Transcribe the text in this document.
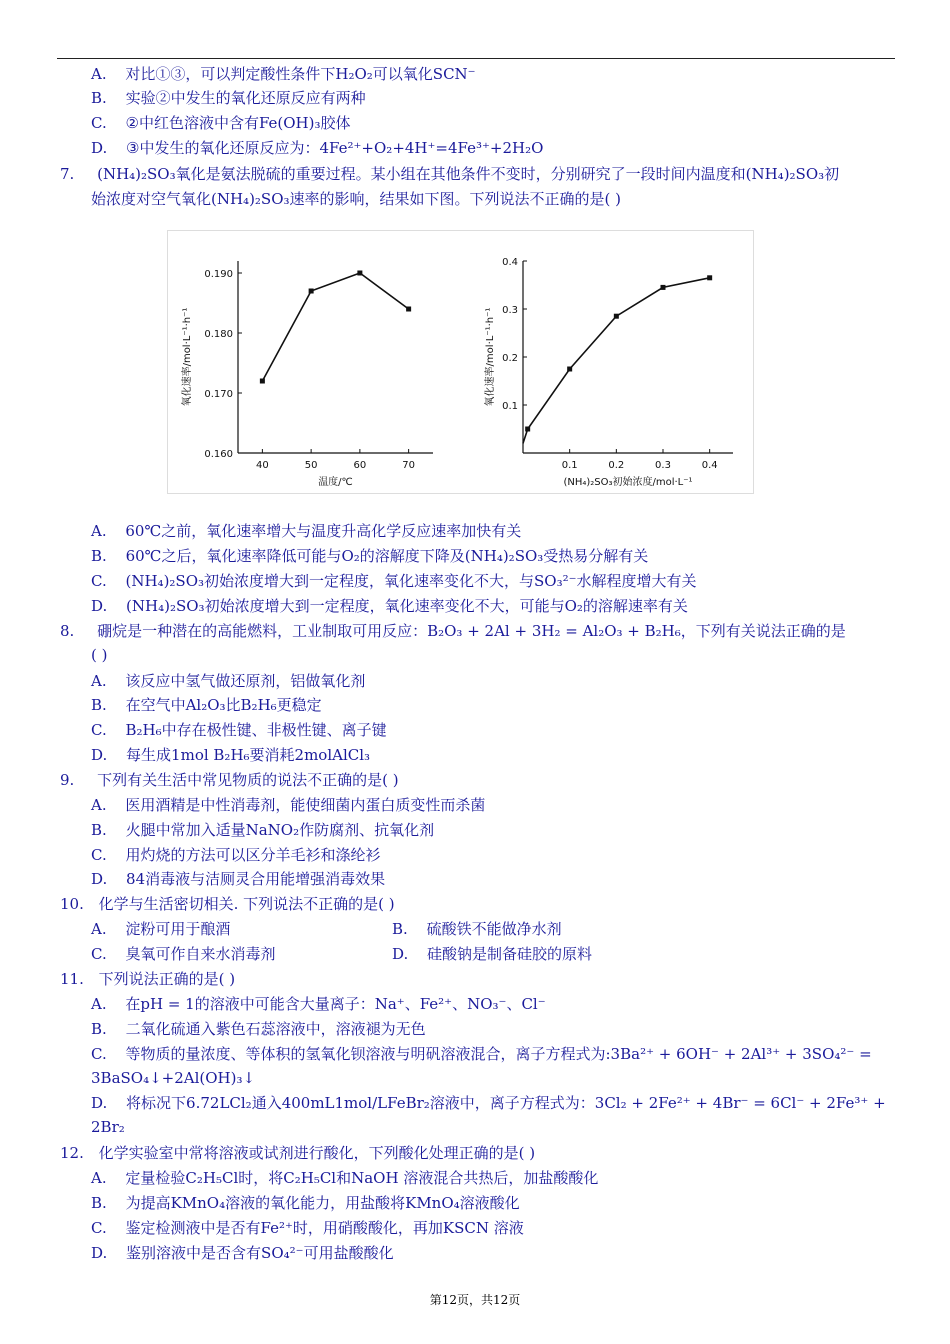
A. 对比①③，可以判定酸性条件下H₂O₂可以氧化SCN⁻
B. 实验②中发生的氧化还原反应有两种
C. ②中红色溶液中含有Fe(OH)₃胶体
D. ③中发生的氧化还原反应为：4Fe²⁺+O₂+4H⁺=4Fe³⁺+2H₂O
7. (NH₄)₂SO₃氧化是氨法脱硫的重要过程。某小组在其他条件不变时，分别研究了一段时间内温度和(NH₄)₂SO₃初
始浓度对空气氧化(NH₄)₂SO₃速率的影响，结果如下图。下列说法不正确的是( )
40	50	60	70
0.160
0.170
0.180
0.190
温度/℃
氧化速率/mol·L⁻¹·h⁻¹
0.1	0.2	0.3	0.4
0.1
0.2
0.3
0.4
(NH₄)₂SO₃初始浓度/mol·L⁻¹
氧化速率/mol·L⁻¹·h⁻¹
A. 60℃之前，氧化速率增大与温度升高化学反应速率加快有关
B. 60℃之后，氧化速率降低可能与O₂的溶解度下降及(NH₄)₂SO₃受热易分解有关
C. (NH₄)₂SO₃初始浓度增大到一定程度，氧化速率变化不大，与SO₃²⁻水解程度增大有关
D. (NH₄)₂SO₃初始浓度增大到一定程度，氧化速率变化不大，可能与O₂的溶解速率有关
8. 硼烷是一种潜在的高能燃料，工业制取可用反应：B₂O₃ + 2Al + 3H₂ = Al₂O₃ + B₂H₆，下列有关说法正确的是
( )
A. 该反应中氢气做还原剂，铝做氧化剂
B. 在空气中Al₂O₃比B₂H₆更稳定
C. B₂H₆中存在极性键、非极性键、离子键
D. 每生成1mol B₂H₆要消耗2molAlCl₃
9. 下列有关生活中常见物质的说法不正确的是( )
A. 医用酒精是中性消毒剂，能使细菌内蛋白质变性而杀菌
B. 火腿中常加入适量NaNO₂作防腐剂、抗氧化剂
C. 用灼烧的方法可以区分羊毛衫和涤纶衫
D. 84消毒液与洁厕灵合用能增强消毒效果
10. 化学与生活密切相关. 下列说法不正确的是( )
A. 淀粉可用于酿酒	B. 硫酸铁不能做净水剂
C. 臭氧可作自来水消毒剂	D. 硅酸钠是制备硅胶的原料
11. 下列说法正确的是( )
A. 在pH = 1的溶液中可能含大量离子：Na⁺、Fe²⁺、NO₃⁻、Cl⁻
B. 二氧化硫通入紫色石蕊溶液中，溶液褪为无色
C. 等物质的量浓度、等体积的氢氧化钡溶液与明矾溶液混合，离子方程式为:3Ba²⁺ + 6OH⁻ + 2Al³⁺ + 3SO₄²⁻ =
3BaSO₄↓+2Al(OH)₃↓
D. 将标况下6.72LCl₂通入400mL1mol/LFeBr₂溶液中，离子方程式为：3Cl₂ + 2Fe²⁺ + 4Br⁻ = 6Cl⁻ + 2Fe³⁺ +
2Br₂
12. 化学实验室中常将溶液或试剂进行酸化，下列酸化处理正确的是( )
A. 定量检验C₂H₅Cl时，将C₂H₅Cl和NaOH 溶液混合共热后，加盐酸酸化
B. 为提高KMnO₄溶液的氧化能力，用盐酸将KMnO₄溶液酸化
C. 鉴定检测液中是否有Fe²⁺时，用硝酸酸化，再加KSCN 溶液
D. 鉴别溶液中是否含有SO₄²⁻可用盐酸酸化
第12页，共12页
